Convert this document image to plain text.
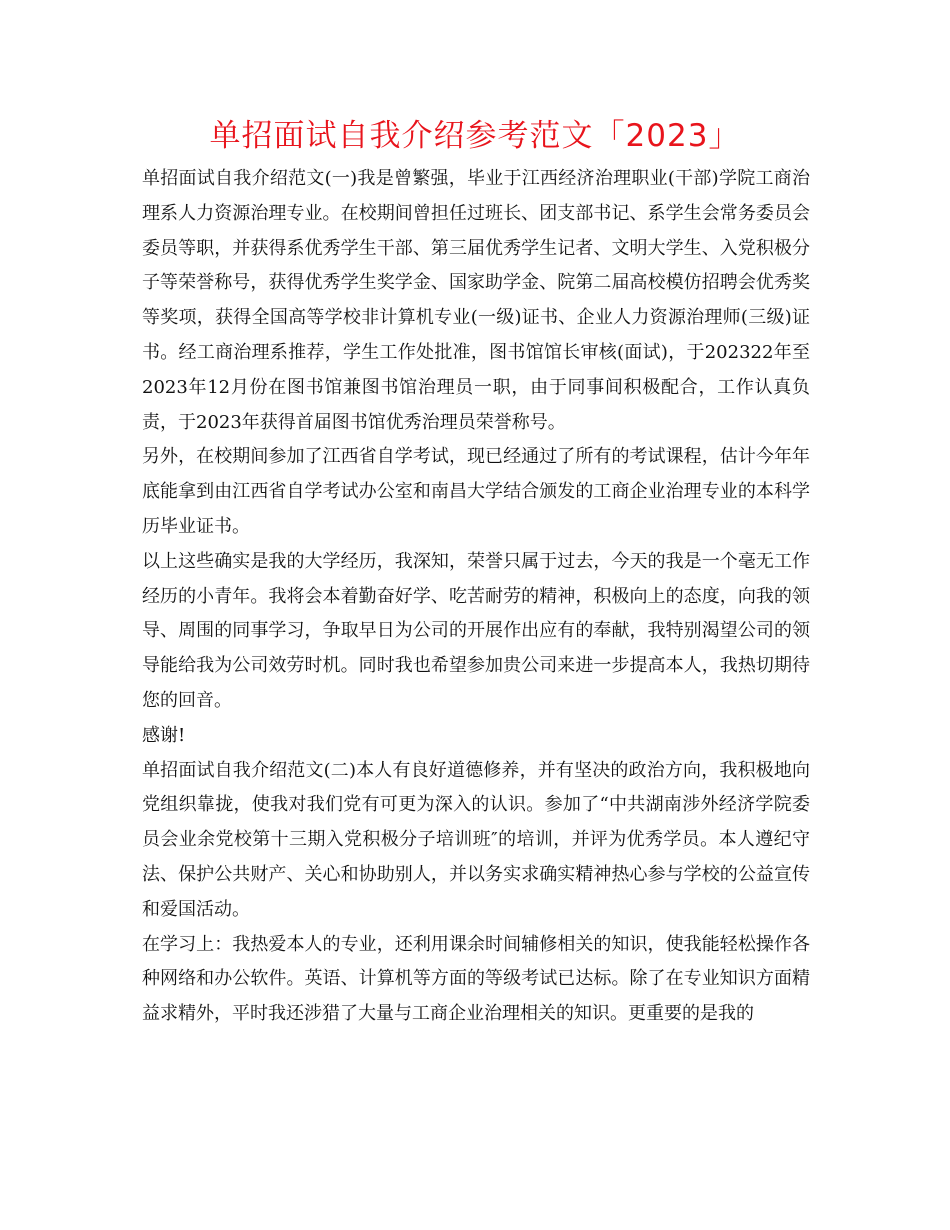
单招面试自我介绍参考范文「2023」

单招面试自我介绍范文(一)我是曾繁强，毕业于江西经济治理职业(干部)学院工商治理系人力资源治理专业。在校期间曾担任过班长、团支部书记、系学生会常务委员会委员等职，并获得系优秀学生干部、第三届优秀学生记者、文明大学生、入党积极分子等荣誉称号，获得优秀学生奖学金、国家助学金、院第二届高校模仿招聘会优秀奖等奖项，获得全国高等学校非计算机专业(一级)证书、企业人力资源治理师(三级)证书。经工商治理系推荐，学生工作处批准，图书馆馆长审核(面试)，于202322年至2023年12月份在图书馆兼图书馆治理员一职，由于同事间积极配合，工作认真负责，于2023年获得首届图书馆优秀治理员荣誉称号。

另外，在校期间参加了江西省自学考试，现已经通过了所有的考试课程，估计今年年底能拿到由江西省自学考试办公室和南昌大学结合颁发的工商企业治理专业的本科学历毕业证书。

以上这些确实是我的大学经历，我深知，荣誉只属于过去，今天的我是一个毫无工作经历的小青年。我将会本着勤奋好学、吃苦耐劳的精神，积极向上的态度，向我的领导、周围的同事学习，争取早日为公司的开展作出应有的奉献，我特别渴望公司的领导能给我为公司效劳时机。同时我也希望参加贵公司来进一步提高本人，我热切期待您的回音。

感谢!

单招面试自我介绍范文(二)本人有良好道德修养，并有坚决的政治方向，我积极地向党组织靠拢，使我对我们党有可更为深入的认识。参加了“中共湖南涉外经济学院委员会业余党校第十三期入党积极分子培训班″的培训，并评为优秀学员。本人遵纪守法、保护公共财产、关心和协助别人，并以务实求确实精神热心参与学校的公益宣传和爱国活动。

在学习上：我热爱本人的专业，还利用课余时间辅修相关的知识，使我能轻松操作各种网络和办公软件。英语、计算机等方面的等级考试已达标。除了在专业知识方面精益求精外，平时我还涉猎了大量与工商企业治理相关的知识。更重要的是我的
